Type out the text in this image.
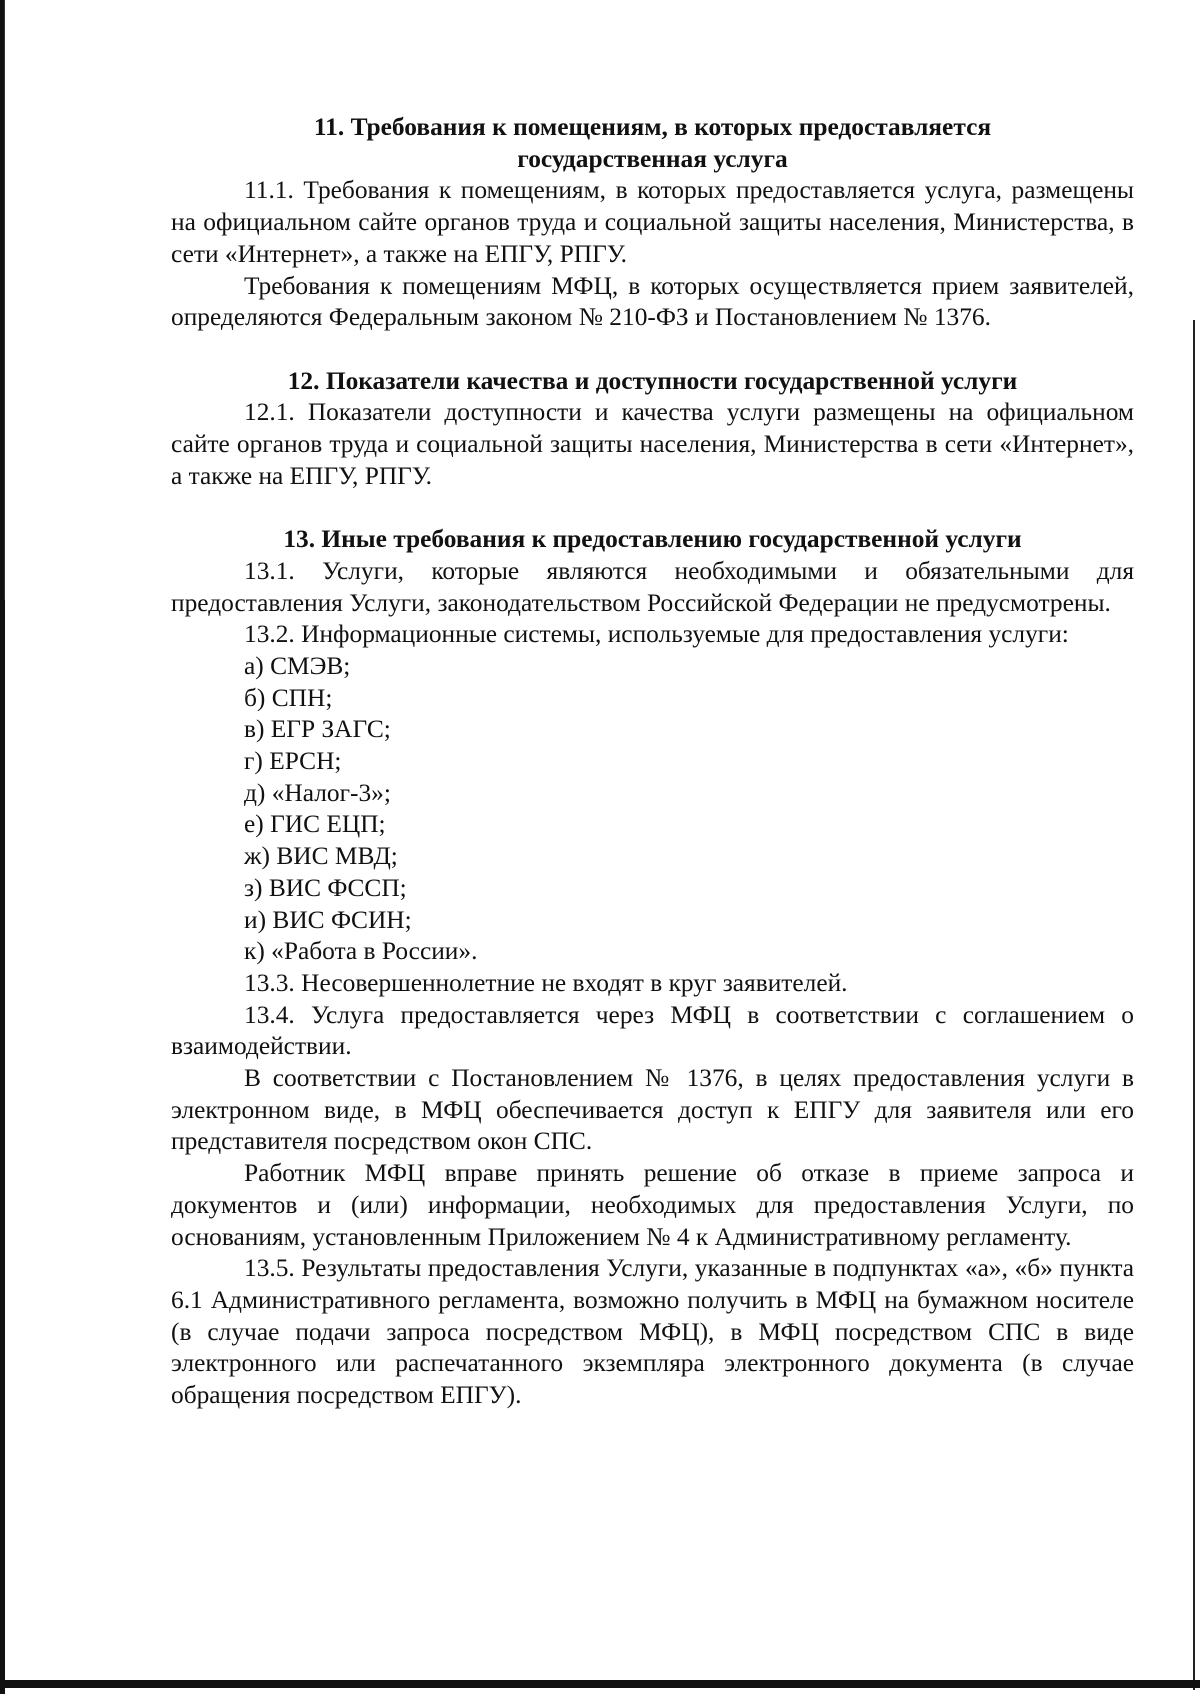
11. Требования к помещениям, в которых предоставляется государственная услуга

11.1. Требования к помещениям, в которых предоставляется услуга, размещены на официальном сайте органов труда и социальной защиты населения, Министерства, в сети «Интернет», а также на ЕПГУ, РПГУ.

Требования к помещениям МФЦ, в которых осуществляется прием заявителей, определяются Федеральным законом № 210-ФЗ и Постановлением № 1376.

12. Показатели качества и доступности государственной услуги

12.1. Показатели доступности и качества услуги размещены на официальном сайте органов труда и социальной защиты населения, Министерства в сети «Интернет», а также на ЕПГУ, РПГУ.

13. Иные требования к предоставлению государственной услуги

13.1. Услуги, которые являются необходимыми и обязательными для предоставления Услуги, законодательством Российской Федерации не предусмотрены.

13.2. Информационные системы, используемые для предоставления услуги:

а) СМЭВ;

б) СПН;

в) ЕГР ЗАГС;

г) ЕРСН;

д) «Налог-3»;

е) ГИС ЕЦП;

ж) ВИС МВД;

з) ВИС ФССП;

и) ВИС ФСИН;

к) «Работа в России».

13.3. Несовершеннолетние не входят в круг заявителей.

13.4. Услуга предоставляется через МФЦ в соответствии с соглашением о взаимодействии.

В соответствии с Постановлением № 1376, в целях предоставления услуги в электронном виде, в МФЦ обеспечивается доступ к ЕПГУ для заявителя или его представителя посредством окон СПС.

Работник МФЦ вправе принять решение об отказе в приеме запроса и документов и (или) информации, необходимых для предоставления Услуги, по основаниям, установленным Приложением № 4 к Административному регламенту.

13.5. Результаты предоставления Услуги, указанные в подпунктах «а», «б» пункта 6.1 Административного регламента, возможно получить в МФЦ на бумажном носителе (в случае подачи запроса посредством МФЦ), в МФЦ посредством СПС в виде электронного или распечатанного экземпляра электронного документа (в случае обращения посредством ЕПГУ).
